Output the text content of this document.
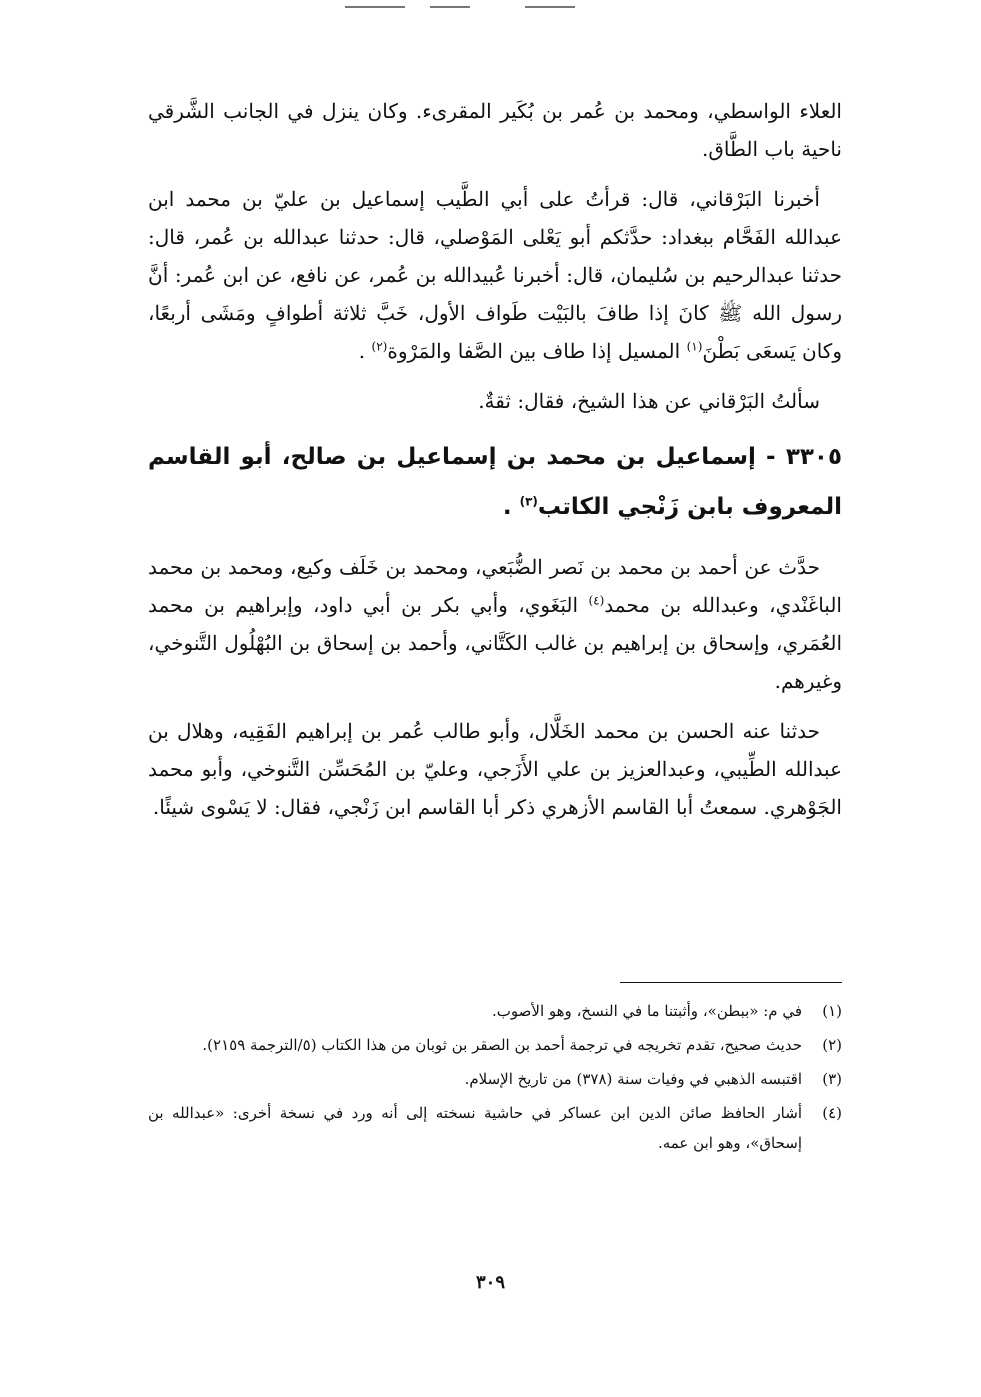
العلاء الواسطي، ومحمد بن عُمر بن بُكَير المقرىء. وكان ينزل في الجانب الشَّرقي ناحية باب الطَّاق.

أخبرنا البَرْقاني، قال: قرأتُ على أبي الطَّيب إسماعيل بن عليّ بن محمد ابن عبدالله الفَحَّام ببغداد: حدَّثكم أبو يَعْلى المَوْصلي، قال: حدثنا عبدالله بن عُمر، قال: حدثنا عبدالرحيم بن سُليمان، قال: أخبرنا عُبيدالله بن عُمر، عن نافع، عن ابن عُمر: أنَّ رسول الله ﷺ كانَ إذا طافَ بالبَيْت طَواف الأول، خَبَّ ثلاثة أطوافٍ ومَشَى أربعًا، وكان يَسعَى بَطْنَ$^{(١)}$ المسيل إذا طاف بين الصَّفا والمَرْوة$^{(٢)}$ .

سألتُ البَرْقاني عن هذا الشيخ، فقال: ثقةٌ.

٣٣٠٥ - إسماعيل بن محمد بن إسماعيل بن صالح، أبو القاسم المعروف بابن زَنْجي الكاتب$^{(٣)}$ .

حدَّث عن أحمد بن محمد بن نَصر الضُّبَعي، ومحمد بن خَلَف وكيع، ومحمد بن محمد الباغَنْدي، وعبدالله بن محمد$^{(٤)}$ البَغَوي، وأبي بكر بن أبي داود، وإبراهيم بن محمد العُمَري، وإسحاق بن إبراهيم بن غالب الكَتَّاني، وأحمد بن إسحاق بن البُهْلُول التَّنوخي، وغيرهم.

حدثنا عنه الحسن بن محمد الخَلَّال، وأبو طالب عُمر بن إبراهيم الفَقِيه، وهلال بن عبدالله الطِّيبي، وعبدالعزيز بن علي الأَزَجي، وعليّ بن المُحَسِّن التَّنوخي، وأبو محمد الجَوْهري. سمعتُ أبا القاسم الأزهري ذكر أبا القاسم ابن زَنْجي، فقال: لا يَسْوى شيئًا.

(١)
في م: «ببطن»، وأثبتنا ما في النسخ، وهو الأصوب.
(٢)
حديث صحيح، تقدم تخريجه في ترجمة أحمد بن الصقر بن ثوبان من هذا الكتاب (٥/الترجمة ٢١٥٩).
(٣)
اقتبسه الذهبي في وفيات سنة (٣٧٨) من تاريخ الإسلام.
(٤)
أشار الحافظ صائن الدين ابن عساكر في حاشية نسخته إلى أنه ورد في نسخة أخرى: «عبدالله بن إسحاق»، وهو ابن عمه.
٣٠٩
